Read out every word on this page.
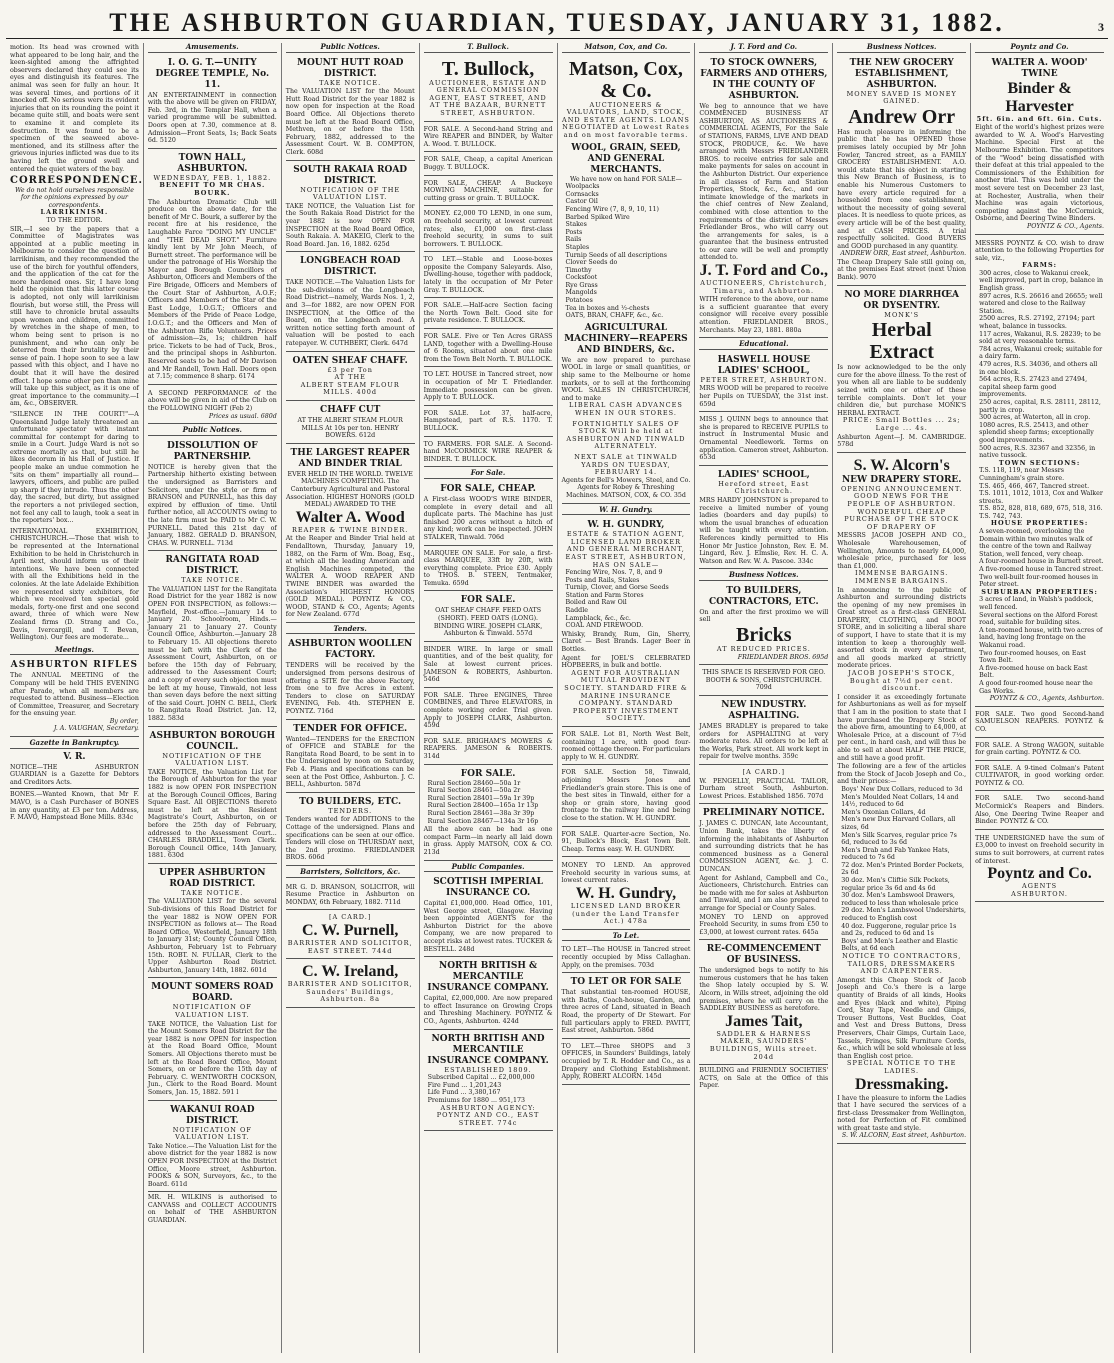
THE ASHBURTON GUARDIAN, TUESDAY, JANUARY 31, 1882.	3
motion. Its head was crowned with what appeared to be long hair, and the keen-sighted among the affrighted observers declared they could see its eyes and distinguish its features. The animal was seen for fully an hour. It was several times, and portions of it knocked off. No serious were its evident injuries that on its rounding the point it became quite still, and boats were sent to examine it and complete its destruction. It was found to be a specimen of the seaweed above-mentioned, and its stillness after the grievous injuries inflicted was due to its having left the ground swell and entered the quiet waters of the bay.
CORRESPONDENCE.
We do not hold ourselves responsible for the opinions expressed by our correspondents.
LARRIKINISM.
TO THE EDITOR.
SIR,—I see by the papers that a Committee of Magistrates was appointed at a public meeting in Melbourne to consider the question of larrikinism, and they recommended the use of the birch for youthful offenders, and the application of the cat for the more hardened ones. Sir, I have long held the opinion that this latter course is adopted, not only will larrikinism flourish, but worse still, the Press will still have to chronicle brutal assaults upon women and children, committed by wretches in the shape of men, to whom being sent to prison is no punishment, and who can only be deterred from their brutality by their sense of pain. I hope soon to see a law passed with this object, and I have no doubt that it will have the desired effect. I hope some other pen than mine will take up this subject, as it is one of great importance to the community.—I am, &c., OBSERVER.
"SILENCE IN THE COURT!"—A Queensland Judge lately threatened an unfortunate spectator with instant committal for contempt for daring to smile in a Court. Judge Ward is not so extreme mortally as that, but still he likes decorum in his Hall of Justice. If people make an undue commotion he "sits on them" impartially all round—lawyers, officers, and public are pulled up sharp if they intrude. Thus the other day, the sacred, but dirty, but assigned the reporters a not privileged section, not feel any call to laugh, took a seat in the reporters' box...
INTERNATIONAL EXHIBITION, CHRISTCHURCH.—Those that wish to be represented at the International Exhibition to be held in Christchurch in April next, should inform us of their intentions. We have been connected with all the Exhibitions held in the colonies. At the late Adelaide Exhibition we represented sixty exhibitors, for which we received ten special gold medals, forty-one first and one second award, three of which were New Zealand firms (D. Strang and Co., Davis, Ivercargill, and T. Bevan, Wellington). Our fees are moderate...
Meetings.
ASHBURTON RIFLES
The ANNUAL MEETING of the Company will be held THIS EVENING after Parade, when all members are requested to attend. Business—Election of Committee, Treasurer, and Secretary for the ensuing year.
By order,
J. A. VAUGHAN, Secretary.
Gazette in Bankruptcy.
V. R.
NOTICE—THE ASHBURTON GUARDIAN is a Gazette for Debtors and Creditors Acts.
BONES.—Wanted Known, that Mr F. MAVO, is a Cash Purchaser of BONES in any quantity, at £3 per ton. Address, F. MAVO, Hampstead Bone Mills. 834c
Amusements.
I. O. G. T.—UNITY DEGREE TEMPLE, No. 11.
AN ENTERTAINMENT in connection with the above will be given on FRIDAY, Feb. 3rd, in the Templar Hall, when a varied programme will be submitted. Doors open at 7.30, commence at 8. Admission—Front Seats, 1s; Back Seats 6d. 5120
TOWN HALL, ASHBURTON.
WEDNESDAY, FEB. 1, 1882.
BENEFIT TO MR CHAS. BOURK.
The Ashburton Dramatic Club will produce on the above date, for the benefit of Mr C. Bourk, a sufferer by the recent fire at his residence, the Laughable Farce "DOING MY UNCLE" and "THE DEAD SHOT." Furniture kindly lent by Mr John Meech, of Burnett street. The performance will be under the patronage of His Worship the Mayor and Borough Councillors of Ashburton, Officers and Members of the Fire Brigade, Officers and Members of the Court Star of Ashburton, A.O.F.; Officers and Members of the Star of the East Lodge, I.O.G.T.; Officers and Members of the Pride of Peace Lodge, I.O.G.T.; and the Officers and Men of the Ashburton Rifle Volunteers. Prices of admission—2s, 1s; children half price. Tickets to be had of Tuck, Bros., and the principal shops in Ashburton. Reserved seats to be had of Mr Davison and Mr Randell, Town Hall. Doors open at 7.15; commence 8 sharp. 6174
A SECOND PERFORMANCE of the above will be given in aid of the Club on the FOLLOWING NIGHT (Feb 2)
Prices as usual. 680d
Public Notices.
DISSOLUTION OF PARTNERSHIP.
NOTICE is hereby given that the Partnership hitherto existing between the undersigned as Barristers and Solicitors, under the style or firm of BRANSON and PURNELL, has this day expired by effluxion of time. Until further notice, all ACCOUNTS owing to the late firm must be PAID to Mr C. W. PURNELL. Dated this 21st day of January, 1882. GERALD D. BRANSON, CHAS. W. PURNELL. 713d
RANGITATA ROAD DISTRICT.
TAKE NOTICE.
The VALUATION LIST for the Rangitata Road District for the year 1882 is now OPEN FOR INSPECTION, as follows:— Mayfield, Post-office.—January 14 to January 20. Schoolroom, Hinds.—January 21 to January 27. County Council Office, Ashburton.—January 28 to February 15. All objections thereto must be left with the Clerk of the Assessment Court, Ashburton, on or before the 15th day of February, addressed to the Assessment Court; and a copy of every such objection must be left at my house, Tinwald, not less than seven days before the next sitting of the said Court. JOHN C. BELL, Clerk to Rangitata Road District. Jan. 12, 1882. 583d
ASHBURTON BOROUGH COUNCIL.
NOTIFICATION OF THE VALUATION LIST.
TAKE NOTICE, the Valuation List for the Borough of Ashburton for the year 1882 is now OPEN FOR INSPECTION at the Borough Council Offices, Baring Square East. All OBJECTIONS thereto must be left at the Resident Magistrate's Court, Ashburton, on or before the 25th day of February, addressed to the Assessment Court... CHARLES BRADDELL, Town Clerk. Borough Council Office, 14th January, 1881. 630d
UPPER ASHBURTON ROAD DISTRICT.
TAKE NOTICE.
The VALUATION LIST for the several Sub-divisions of this Road District for the year 1882 is NOW OPEN FOR INSPECTION as follows at— The Road Board Office, Westerfield, January 18th to January 31st; County Council Office, Ashburton, February 1st to February 15th. ROBT. N. FULLAR, Clerk to the Upper Ashburton Road District. Ashburton, January 14th, 1882. 601d
MOUNT SOMERS ROAD BOARD.
NOTIFICATION OF VALUATION LIST.
TAKE NOTICE, the Valuation List for the Mount Somers Road District for the year 1882 is now OPEN for inspection at the Road Board Office, Mount Somers. All Objections thereto must be left at the Road Board Office, Mount Somers, on or before the 15th day of February. C. WENTWORTH COCKSON, Jun., Clerk to the Road Board. Mount Somers, Jan. 15, 1882. 591 l
WAKANUI ROAD DISTRICT.
NOTIFICATION OF VALUATION LIST.
Take Notice.—The Valuation List for the above district for the year 1882 is now OPEN FOR INSPECTION at the District Office, Moore street, Ashburton. FOOKS & SON, Surveyors, &c., to the Board. 611d
MR. H. WILKINS is authorised to CANVASS and COLLECT ACCOUNTS on behalf of THE ASHBURTON GUARDIAN.
Public Notices.
MOUNT HUTT ROAD DISTRICT.
TAKE NOTICE.
The VALUATION LIST for the Mount Hutt Road District for the year 1882 is now open for inspection at the Road Board Office. All Objections thereto must be left at the Road Board Office, Methven, on or before the 15th February, 1882, addressed to the Assessment Court. W. B. COMPTON, Clerk. 608d
SOUTH RAKAIA ROAD DISTRICT.
NOTIFICATION OF THE VALUATION LIST.
TAKE NOTICE, the Valuation List for the South Rakaia Road District for the year 1882 is now OPEN FOR INSPECTION at the Road Board Office, South Rakaia. A. MAKEIG, Clerk to the Road Board. Jan. 16, 1882. 625d
LONGBEACH ROAD DISTRICT.
TAKE NOTICE.—The Valuation Lists for the sub-divisions of the Longbeach Road District—namely, Wards Nos. 1, 2, and 3—for 1882, are now OPEN FOR INSPECTION, at the Office of the Board, on the Longbeach road. A written notice setting forth amount of valuation will be posted to each ratepayer. W. CUTHBERT, Clerk. 647d
OATEN SHEAF CHAFF.
£3 per Ton
AT THE
ALBERT STEAM FLOUR MILLS. 400d
CHAFF CUT
AT THE ALBERT STEAM FLOUR MILLS At 10s per ton. HENRY BOWERS. 612d
THE LARGEST REAPER AND BINDER TRIAL
EVER HELD IN THE WORLD. TWELVE MACHINES COMPETING. The Canterbury Agricultural and Pastoral Association. HIGHEST HONORS (GOLD MEDAL) AWARDED TO THE
Walter A. Wood
REAPER & TWINE BINDER.
At the Reaper and Binder Trial held at Fendalltown, Thursday, January 19, 1882, on the Farm of Wm. Boag, Esq., at which all the leading American and English Machines competed, the WALTER A. WOOD REAPER AND TWINE BINDER was awarded the Association's HIGHEST HONORS (GOLD MEDAL). POYNTZ & CO., WOOD, STAND & CO., Agents; Agents for New Zealand. 677d
Tenders.
ASHBURTON WOOLLEN FACTORY.
TENDERS will be received by the undersigned from persons desirous of offering a SITE for the above Factory, from one to five Acres in extent. Tenders to close on SATURDAY EVENING, Feb. 4th. STEPHEN E. POYNTZ. 716d
TENDER FOR OFFICE.
Wanted—TENDERS for the ERECTION of OFFICE and STABLE for the Rangitata Road Board, to be sent in to the Undersigned by noon on Saturday, Feb 4. Plans and specifications can be seen at the Post Office, Ashburton. J. C. BELL, Ashburton. 587d
TO BUILDERS, ETC.
TENDERS.
Tenders wanted for ADDITIONS to the Cottage of the undersigned. Plans and specifications can be seen at our office. Tenders will close on THURSDAY next, the 2nd proximo. FRIEDLANDER BROS. 606d
Barristers, Solicitors, &c.
MR G. D. BRANSON, SOLICITOR, will Resume Practice in Ashburton on MONDAY, 6th February, 1882. 711d
[A CARD.]
C. W. Purnell,
BARRISTER AND SOLICITOR, EAST STREET. 744d
C. W. Ireland,
BARRISTER AND SOLICITOR, Saunders' Buildings, Ashburton. 8a
T. Bullock.
T. Bullock,
AUCTIONEER, ESTATE AND GENERAL COMMISSION AGENT, EAST STREET, AND AT THE BAZAAR, BURNETT STREET, ASHBURTON.
FOR SALE. A Second-hand String and Wire REAPER and BINDER, by Walter A. Wood. T. BULLOCK.
FOR SALE, Cheap, a capital American Buggy. T. BULLOCK.
FOR SALE, CHEAP. A Buckeye MOWING MACHINE, suitable for cutting grass or grain. T. BULLOCK.
MONEY. £2,000 TO LEND, in one sum, on freehold security, at lowest current rates; also, £1,000 on first-class freehold security, in sums to suit borrowers. T. BULLOCK.
TO LET.—Stable and Loose-boxes opposite the Company Saleyards. Also, Dwelling-house, together with paddock, lately in the occupation of Mr Peter Gray. T. BULLOCK.
FOR SALE.—Half-acre Section facing the North Town Belt. Good site for private residence. T. BULLOCK.
FOR SALE. Five or Ten Acres GRASS LAND, together with a Dwelling-House of 6 Rooms, situated about one mile from the Town Belt North. T. BULLOCK.
TO LET. HOUSE in Tancred street, now in occupation of Mr T. Friedlander. Immediate possession can be given. Apply to T. BULLOCK.
FOR SALE. Lot 37, half-acre, Hampstead, part of R.S. 1170. T. BULLOCK.
TO FARMERS. FOR SALE. A Second-hand McCORMICK WIRE REAPER & BINDER. T. BULLOCK.
For Sale.
FOR SALE, CHEAP.
A First-class WOOD'S WIRE BINDER, complete in every detail and all duplicate parts. The Machine has just finished 200 acres without a hitch of any kind; work can be inspected. JOHN STALKER, Tinwald. 706d
MARQUEE ON SALE. For sale, a first-class MARQUEE, 33ft by 20ft, with everything complete. Price £30. Apply to THOS. B. STEEN, Tentmaker, Temuka. 659d
FOR SALE.
OAT SHEAF CHAFF. FEED OATS (SHORT). FEED OATS (LONG). BINDING WIRE. JOSEPH CLARK, Ashburton & Tinwald. 557d
BINDER WIRE. In large or small quantities, and of the best quality, for Sale at lowest current prices. JAMESON & ROBERTS, Ashburton. 546d
FOR SALE. Three ENGINES, Three COMBINES, and Three ELEVATORS, in complete working order. Trial given. Apply to JOSEPH CLARK, Ashburton. 459d
FOR SALE. BRIGHAM'S MOWERS & REAPERS. JAMESON & ROBERTS. 314d
FOR SALE.
Rural Section 28460—50a 1r
Rural Section 28461—50a 2r
Rural Section 28401—59a 1r 39p
Rural Section 28400—165a 1r 13p
Rural Section 28461—38a 3r 39p
Rural Section 28467—134a 3r 16p
All the above can be had as one compact Farm—in nearly all laid down in grass. Apply MATSON, COX & CO. 213d
Public Companies.
SCOTTISH IMPERIAL INSURANCE CO.
Capital £1,000,000. Head Office, 101, West George street, Glasgow. Having been appointed AGENTS for the Ashburton District for the above Company, we are now prepared to accept risks at lowest rates. TUCKER & BESTELL. 248d
NORTH BRITISH & MERCANTILE INSURANCE COMPANY.
Capital, £2,000,000. Are now prepared to effect Insurance on Growing Crops and Threshing Machinery. POYNTZ & CO., Agents, Ashburton. 424d
NORTH BRITISH AND MERCANTILE INSURANCE COMPANY.
ESTABLISHED 1809.
Subscribed Capital ... £2,000,000
Fire Fund ... 1,201,243
Life Fund ... 3,380,167
Premiums for 1880 ... 951,173
ASHBURTON AGENCY: POYNTZ AND CO., EAST STREET. 774c
Matson, Cox, and Co.
Matson, Cox, & Co.
AUCTIONEERS & VALUATORS, LAND, STOCK, AND ESTATE AGENTS. LOANS NEGOTIATED at Lowest Rates and on most favorable terms.
WOOL, GRAIN, SEED, AND GENERAL MERCHANTS.
We have now on hand FOR SALE—
Woolpacks
Cornsacks
Castor Oil
Fencing Wire (7, 8, 9, 10, 11)
Barbed Spiked Wire
Stakes
Posts
Rails
Staples
Turnip Seeds of all descriptions
Clover Seeds do
Timothy
Cocksfoot
Rye Grass
Mangolds
Potatoes
Tea in boxes and ½-chests
OATS, BRAN, CHAFF, &c., &c.
AGRICULTURAL MACHINERY—REAPERS AND BINDERS, &c.
We are now prepared to purchase WOOL in large or small quantities, or ship same to the Melbourne or home markets, or to sell at the forthcoming WOOL SALES IN CHRISTCHURCH, and to make
LIBERAL CASH ADVANCES WHEN IN OUR STORES.
FORTNIGHTLY SALES OF STOCK Will be held at ASHBURTON AND TINWALD ALTERNATELY.
NEXT SALE at TINWALD YARDS ON TUESDAY, FEBRUARY 14.
Agents for Bell's Mowers, Steel, and Co.
Agents for Robey & Threshing Machines. MATSON, COX, & CO. 35d
W. H. Gundry.
W. H. GUNDRY,
ESTATE & STATION AGENT, LICENSED LAND BROKER AND GENERAL MERCHANT, EAST STREET, ASHBURTON, HAS ON SALE—
Fencing Wire, Nos. 7, 8, and 9
Posts and Rails, Stakes
Turnip, Clover, and Gorse Seeds
Station and Farm Stores
Boiled and Raw Oil
Raddle
Lampblack, &c., &c.
COAL AND FIREWOOD.
Whisky, Brandy, Rum, Gin, Sherry, Claret — Best Brands. Lager Beer in Bottles.
Agent for JOEL'S CELEBRATED HOPBEERS, in bulk and bottle.
AGENT FOR AUSTRALIAN MUTUAL PROVIDENT SOCIETY. STANDARD FIRE & MARINE INSURANCE COMPANY. STANDARD PROPERTY INVESTMENT SOCIETY.
FOR SALE. Lot 81, North West Belt, containing 1 acre, with good four-roomed cottage thereon. For particulars apply to W. H. GUNDRY.
FOR SALE. Section 58, Tinwald, adjoining Messrs Jones and Friedlander's grain store. This is one of the best sites in Tinwald, either for a shop or grain store, having good frontage to the railway line and being close to the station. W. H. GUNDRY.
FOR SALE. Quarter-acre Section, No. 91, Bullock's Block, East Town Belt. Cheap. Terms easy. W. H. GUNDRY.
MONEY TO LEND. An approved Freehold security in various sums, at lowest current rates.
W. H. Gundry,
LICENSED LAND BROKER (under the Land Transfer Act.) 478a
To Let.
TO LET—The HOUSE in Tancred street recently occupied by Miss Callaghan. Apply, on the premises. 703d
TO LET OR FOR SALE
That substantial ten-roomed HOUSE, with Baths, Coach-house, Garden, and three acres of Land, situated in Beach Road, the property of Dr Stewart. For full particulars apply to FRED. PAVITT, East street, Ashburton. 586d
TO LET.—Three SHOPS and 3 OFFICES, in Saunders' Buildings, lately occupied by T. R. Hodder and Co., as a Drapery and Clothing Establishment. Apply, ROBERT ALCORN. 145d
J. T. Ford and Co.
TO STOCK OWNERS, FARMERS AND OTHERS, IN THE COUNTY OF ASHBURTON.
We beg to announce that we have COMMENCED BUSINESS AT ASHBURTON, AS AUCTIONEERS & COMMERCIAL AGENTS, For the Sale of STATIONS, FARMS, LIVE AND DEAD STOCK, PRODUCE, &c. We have arranged with Messrs FRIEDLANDER BROS. to receive entries for sale and make payments for sales on account in the Ashburton District. Our experience in all classes of Farm and Station Properties, Stock, &c., &c., and our intimate knowledge of the markets in the chief centres of New Zealand, combined with close attention to the requirements of the district of Messrs Friedlander Bros., who will carry out the arrangements for sales, is a guarantee that the business entrusted to our care will be well and promptly attended to.
J. T. Ford and Co.,
AUCTIONEERS, Christchurch, Timaru, and Ashburton.
WITH reference to the above, our name is a sufficient guarantee that every consignor will receive every possible attention. FRIEDLANDER BROS., Merchants. May 23, 1881. 880a
Educational.
HASWELL HOUSE LADIES' SCHOOL,
PETER STREET, ASHBURTON.
MRS WOOD will be prepared to receive her Pupils on TUESDAY, the 31st inst. 659d
MISS J. QUINN begs to announce that she is prepared to RECEIVE PUPILS to instruct in Instrumental Music and Ornamental Needlework. Terms on application. Cameron street, Ashburton. 653d
LADIES' SCHOOL,
Hereford street, East Christchurch.
MRS HARDY JOHNSTON is prepared to receive a limited number of young ladies (boarders and day pupils) to whom the usual branches of education will be taught with every attention. References kindly permitted to His Honor Mr Justice Johnston, Rev. E. M. Lingard, Rev. J. Elmslie, Rev. H. C. A. Watson and Rev. W. A. Pascoe. 334c
Business Notices.
TO BUILDERS, CONTRACTORS, ETC.
On and after the first proximo we will sell
Bricks
AT REDUCED PRICES.
FRIEDLANDER BROS. 695d
THIS SPACE IS RESERVED FOR GEO. BOOTH & SONS, CHRISTCHURCH. 709d
NEW INDUSTRY. ASPHALTING.
JAMES BRADLEY is prepared to take orders for ASPHALTING at very moderate rates. All orders to be left at the Works, Park street. All work kept in repair for twelve months. 359c
[A CARD.]
W. PENGELLY, PRACTICAL TAILOR, Durham street South, Ashburton. Lowest Prices. Established 1856. 707d
PRELIMINARY NOTICE.
J. JAMES C. DUNCAN, late Accountant, Union Bank, takes the liberty of informing the inhabitants of Ashburton and surrounding districts that he has commenced business as a General COMMISSION AGENT, &c. J. C. DUNCAN.
Agent for Ashland, Campbell and Co., Auctioneers, Christchurch. Entries can be made with me for sales at Ashburton and Tinwald, and I am also prepared to arrange for Special or County Sales.
MONEY TO LEND on approved Freehold Security, in sums from £50 to £3,000, at lowest current rates. 645a
RE-COMMENCEMENT OF BUSINESS.
The undersigned begs to notify to his numerous customers that he has taken the Shop lately occupied by S. W. Alcorn, in Wills street, adjoining the old premises, where he will carry on the SADDLERY BUSINESS as heretofore.
James Tait,
SADDLER & HARNESS MAKER, SAUNDERS' BUILDINGS, Wills street. 204d
BUILDING and FRIENDLY SOCIETIES' ACTS, on Sale at the Office of this Paper.
Business Notices.
THE NEW GROCERY ESTABLISHMENT, ASHBURTON.
MONEY SAVED IS MONEY GAINED.
Andrew Orr
Has much pleasure in informing the public that he has OPENED those premises lately occupied by Mr John Fowler, Tancred street, as a FAMILY GROCERY ESTABLISHMENT. A.O. would state that his object in starting this New Branch of Business, is to enable his Numerous Customers to have every article required for a household from one establishment, without the necessity of going several places. It is needless to quote prices, as every article will be of the best quality, and at CASH PRICES. A trial respectfully solicited. Good BUYERS and GOOD purchased in any quantity.
ANDREW ORR, East street, Ashburton.
The Cheap Drapery Sale still going on, at the premises East street (next Union Bank). 9070
NO MORE DIARRHŒA OR DYSENTRY.
MONK'S
Herbal Extract
Is now acknowledged to be the only cure for the above illness. To the rest of you when all are liable to be suddenly seized with one or other of these terrible complaints. Don't let your children die, but purchase MONK'S HERBAL EXTRACT.
PRICE: Small Bottles ... 2s; Large ... 4s.
Ashburton Agent—J. M. CAMBRIDGE. 578d
S. W. Alcorn's
NEW DRAPERY STORE.
OPENING ANNOUNCEMENT.
GOOD NEWS FOR THE PEOPLE OF ASHBURTON.
WONDERFUL CHEAP PURCHASE OF THE STOCK OF DRAPERY OF
MESSRS JACOB JOSEPH AND CO., Wholesale Warehousemen, of Wellington, Amounts to nearly £4,000, wholesale price, purchased for less than £1,000.
IMMENSE BARGAINS. IMMENSE BARGAINS.
In announcing to the public of Ashburton and surrounding districts the opening of my new premises in Great street as a first-class GENERAL DRAPERY, CLOTHING, and BOOT STORE, and in soliciting a liberal share of support, I have to state that it is my intention to keep a thoroughly well-assorted stock in every department, and all goods marked at strictly moderate prices.
JACOB JOSEPH'S STOCK, Bought at 7½d per cent. discount.
I consider it as exceedingly fortunate for Ashburtonians as well as for myself that I am in the position to state that I have purchased the Drapery Stock of the above firm, amounting to £4,000, at Wholesale Price, at a discount of 7½d per cent., in hard cash, and will thus be able to sell at about HALF THE PRICE, and still have a good profit.
The following are a few of the articles from the Stock of Jacob Joseph and Co., and their prices:—
Boys' New Dux Collars, reduced to 3d
Men's Moulded Neat Collars, 14 and 14½, reduced to 6d
Men's Oxonian Collars, 4d
Men's new Dux Harvard Collars, all sizes, 6d
Men's Silk Scarves, regular price 7s 6d, reduced to 3s 6d
Men's Drab and Fab Yankee Hats, reduced to 7s 6d
72 doz. Men's Printed Border Pockets, 2s 6d
30 doz. Men's Cliftie Silk Pockets, regular price 3s 6d and 4s 6d
30 doz. Men's Lambswool Drawers, reduced to less than wholesale price
29 doz. Men's Lambswool Undershirts, reduced to English cost
40 doz. Fuggerone, regular price 1s and 2s, reduced to 6d and 1s
Boys' and Men's Leather and Elastic Belts, at 6d each
NOTICE TO CONTRACTORS, TAILORS, DRESSMAKERS AND CARPENTERS.
Amongst this Cheap Stock of Jacob Joseph and Co.'s there is a large quantity of Braids of all kinds, Hooks and Eyes (black and white), Piping Cord, Stay Tape, Needle and Gimps, Trouser Buttons, Vest Buckles, Coat and Vest and Dress Buttons, Dress Preservers, Chair Gimps, Curtain Lace, Tassels, Fringes, Silk Furniture Cords, &c., which will be sold wholesale at less than English cost price.
SPECIAL NOTICE TO THE LADIES.
Dressmaking.
I have the pleasure to inform the Ladies that I have secured the services of a first-class Dressmaker from Wellington, noted for Perfection of Fit combined with great taste and style.
S. W. ALCORN, East street, Ashburton.
Poyntz and Co.
WALTER A. WOOD' TWINE
Binder & Harvester
5ft. 6in. and 6ft. 6in. Cuts.
Eight of the world's highest prizes were awarded to W. A. Wood's Harvesting Machine. Special First at the Melbourne Exhibition. The competitors of the "Wood" being dissatisfied with their defeat at this trial appealed to the Commissioners of the Exhibition for another trial. This was held under the most severe test on December 23 last, at Rochester, Australia, when their Machine was again victorious, competing against the McCormick, Osborne, and Deering Twine Binders.
POYNTZ & CO., Agents.
MESSRS POYNTZ & CO. wish to draw attention to the following Properties for sale, viz.,
FARMS:
300 acres, close to Wakanui creek, well improved, part in crop, balance in English grass.
897 acres, R.S. 26616 and 26655; well watered and close to the Railway Station.
2500 acres, R.S. 27192, 27194; part wheat, balance in tussocks.
117 acres, Wakanui, R.S. 28239; to be sold at very reasonable terms.
784 acres, Wakanui creek; suitable for a dairy farm.
479 acres, R.S. 34036, and others all in one block.
564 acres, R.S. 27423 and 27494, capital sheep farm good improvements.
250 acres, capital, R.S. 28111, 28112, partly in crop.
300 acres, at Waterton, all in crop.
1080 acres, R.S. 25413, and other splendid sheep farms; exceptionally good improvements.
500 acres, R.S. 32367 and 32356, in native tussock.
TOWN SECTIONS:
T.S. 118, 119, near Messrs Cunningham's grain store.
T.S. 465, 466, 467, Tancred street.
T.S. 1011, 1012, 1013, Cox and Walker streets.
T.S. 852, 828, 818, 689, 675, 518, 316.
T.S. 742, 743.
HOUSE PROPERTIES:
A seven-roomed, overlooking the Domain within two minutes walk of the centre of the town and Railway Station, well fenced, very cheap.
A four-roomed house in Burnett street.
A five-roomed house in Tancred street.
Two well-built four-roomed houses in Peter street.
SUBURBAN PROPERTIES:
3 acres of land, in Walsh's paddock, well fenced.
Several sections on the Alford Forest road, suitable for building sites.
A ten-roomed house, with two acres of land, having long frontage on the Wakanui road.
Two four-roomed houses, on East Town Belt.
A five-roomed house on back East Belt.
A good four-roomed house near the Gas Works.
POYNTZ & CO., Agents, Ashburton.
FOR SALE. Two good Second-hand SAMUELSON REAPERS. POYNTZ & CO.
FOR SALE. A Strong WAGON, suitable for grain carting. POYNTZ & CO.
FOR SALE. A 9-tined Colman's Patent CULTIVATOR, in good working order. POYNTZ & CO.
FOR SALE. Two second-hand McCormick's Reapers and Binders. Also, One Deering Twine Reaper and Binder. POYNTZ & CO.
THE UNDERSIGNED have the sum of £3,000 to invest on freehold security in sums to suit borrowers, at current rates of interest.
Poyntz and Co.
AGENTS
ASHBURTON.
